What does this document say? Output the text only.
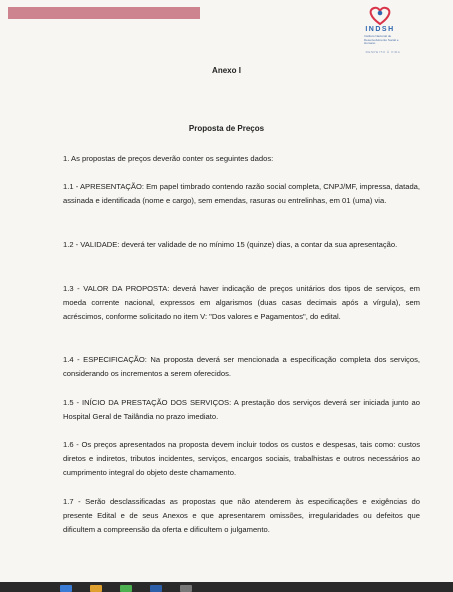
INDSH
Instituto Nacional de Desenvolvimento Social e Humano
RESPEITO À VIDA
Anexo I
Proposta de Preços
1. As propostas de preços deverão conter os seguintes dados:
1.1 - APRESENTAÇÃO: Em papel timbrado contendo razão social completa, CNPJ/MF, impressa, datada, assinada e identificada (nome e cargo), sem emendas, rasuras ou entrelinhas, em 01 (uma) via.
1.2 - VALIDADE: deverá ter validade de no mínimo 15 (quinze) dias, a contar da sua apresentação.
1.3 - VALOR DA PROPOSTA: deverá haver indicação de preços unitários dos tipos de serviços, em moeda corrente nacional, expressos em algarismos (duas casas decimais após a vírgula), sem acréscimos, conforme solicitado no item V: "Dos valores e Pagamentos", do edital.
1.4 - ESPECIFICAÇÃO: Na proposta deverá ser mencionada a especificação completa dos serviços, considerando os incrementos a serem oferecidos.
1.5 - INÍCIO DA PRESTAÇÃO DOS SERVIÇOS: A prestação dos serviços deverá ser iniciada junto ao Hospital Geral de Tailândia no prazo imediato.
1.6 - Os preços apresentados na proposta devem incluir todos os custos e despesas, tais como: custos diretos e indiretos, tributos incidentes, serviços, encargos sociais, trabalhistas e outros necessários ao cumprimento integral do objeto deste chamamento.
1.7 - Serão desclassificadas as propostas que não atenderem às especificações e exigências do presente Edital e de seus Anexos e que apresentarem omissões, irregularidades ou defeitos que dificultem a compreensão da oferta e dificultem o julgamento.
